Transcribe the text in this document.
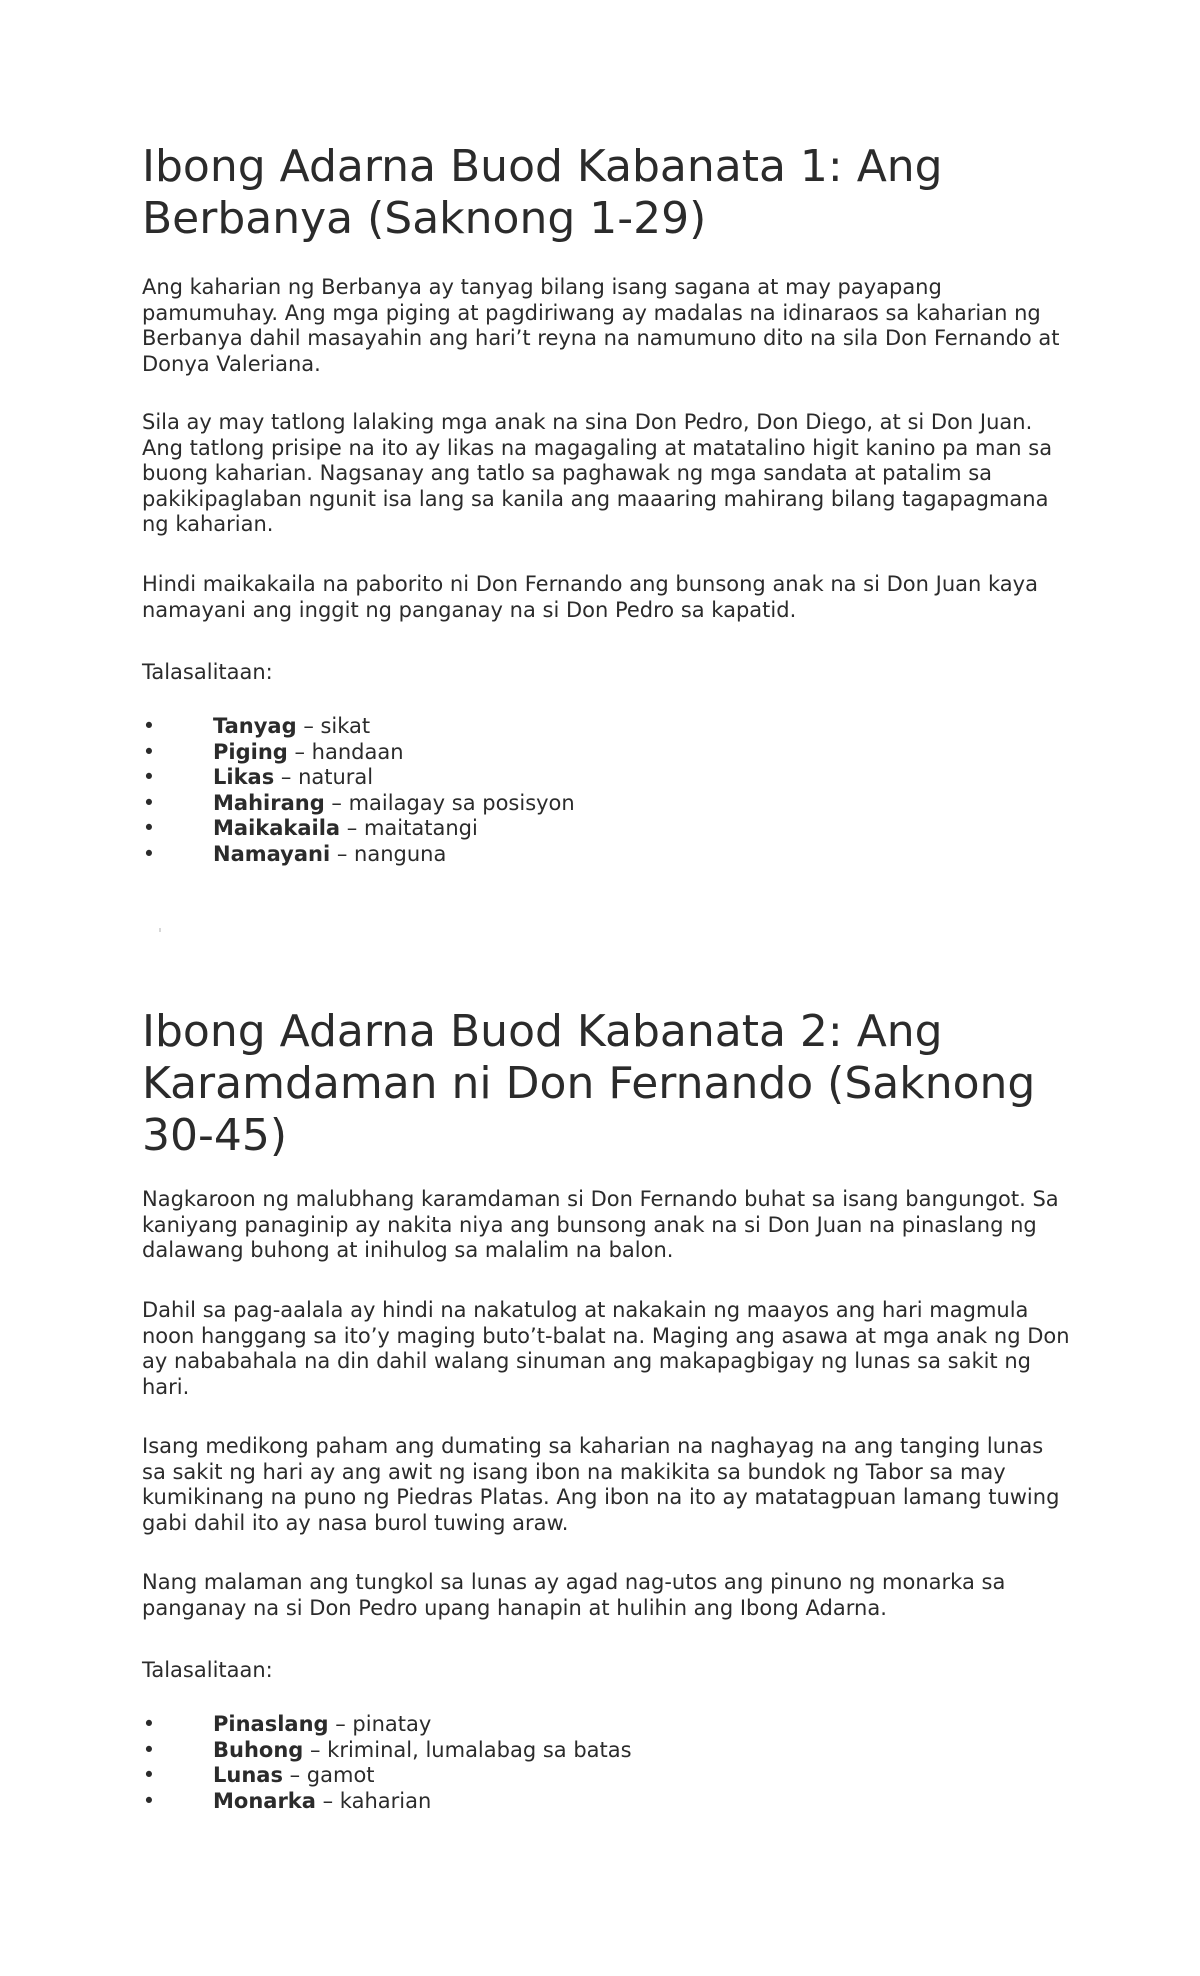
Ibong Adarna Buod Kabanata 1: Ang Berbanya (Saknong 1-29)

Ang kaharian ng Berbanya ay tanyag bilang isang sagana at may payapang pamumuhay. Ang mga piging at pagdiriwang ay madalas na idinaraos sa kaharian ng Berbanya dahil masayahin ang hari’t reyna na namumuno dito na sila Don Fernando at Donya Valeriana.

Sila ay may tatlong lalaking mga anak na sina Don Pedro, Don Diego, at si Don Juan. Ang tatlong prisipe na ito ay likas na magagaling at matatalino higit kanino pa man sa buong kaharian. Nagsanay ang tatlo sa paghawak ng mga sandata at patalim sa pakikipaglaban ngunit isa lang sa kanila ang maaaring mahirang bilang tagapagmana ng kaharian.

Hindi maikakaila na paborito ni Don Fernando ang bunsong anak na si Don Juan kaya namayani ang inggit ng panganay na si Don Pedro sa kapatid.

Talasalitaan:

•	Tanyag – sikat
•	Piging – handaan
•	Likas – natural
•	Mahirang – mailagay sa posisyon
•	Maikakaila – maitatangi
•	Namayani – nanguna
Ibong Adarna Buod Kabanata 2: Ang Karamdaman ni Don Fernando (Saknong 30-45)

Nagkaroon ng malubhang karamdaman si Don Fernando buhat sa isang bangungot. Sa kaniyang panaginip ay nakita niya ang bunsong anak na si Don Juan na pinaslang ng dalawang buhong at inihulog sa malalim na balon.

Dahil sa pag-aalala ay hindi na nakatulog at nakakain ng maayos ang hari magmula noon hanggang sa ito’y maging buto’t-balat na. Maging ang asawa at mga anak ng Don ay nababahala na din dahil walang sinuman ang makapagbigay ng lunas sa sakit ng hari.

Isang medikong paham ang dumating sa kaharian na naghayag na ang tanging lunas sa sakit ng hari ay ang awit ng isang ibon na makikita sa bundok ng Tabor sa may kumikinang na puno ng Piedras Platas. Ang ibon na ito ay matatagpuan lamang tuwing gabi dahil ito ay nasa burol tuwing araw.

Nang malaman ang tungkol sa lunas ay agad nag-utos ang pinuno ng monarka sa panganay na si Don Pedro upang hanapin at hulihin ang Ibong Adarna.

Talasalitaan:

•	Pinaslang – pinatay
•	Buhong – kriminal, lumalabag sa batas
•	Lunas – gamot
•	Monarka – kaharian
